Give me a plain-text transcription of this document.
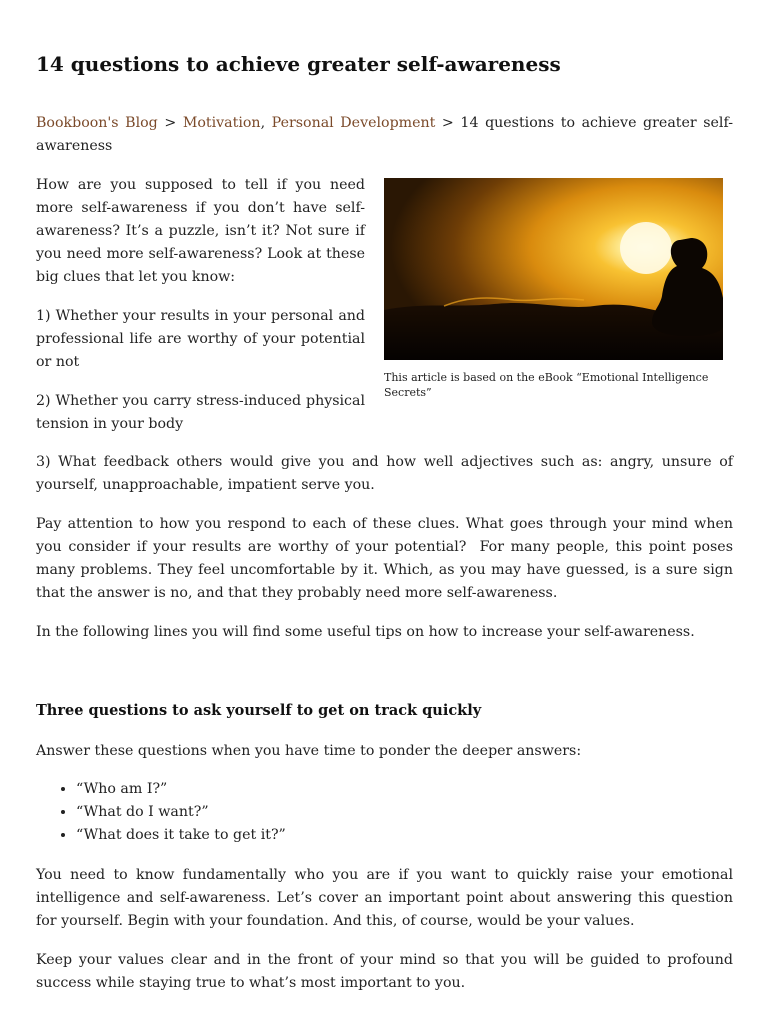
14 questions to achieve greater self-awareness

Bookboon's Blog > Motivation, Personal Development > 14 questions to achieve greater self-awareness

How are you supposed to tell if you need more self-awareness if you don’t have self-awareness? It’s a puzzle, isn’t it? Not sure if you need more self-awareness? Look at these big clues that let you know:

1) Whether your results in your personal and professional life are worthy of your potential or not

2) Whether you carry stress-induced physical tension in your body

This article is based on the eBook “Emotional Intelligence Secrets”

3) What feedback others would give you and how well adjectives such as: angry, unsure of yourself, unapproachable, impatient serve you.

Pay attention to how you respond to each of these clues. What goes through your mind when you consider if your results are worthy of your potential?  For many people, this point poses many problems. They feel uncomfortable by it. Which, as you may have guessed, is a sure sign that the answer is no, and that they probably need more self-awareness.

In the following lines you will find some useful tips on how to increase your self-awareness.

Three questions to ask yourself to get on track quickly

Answer these questions when you have time to ponder the deeper answers:

• “Who am I?”
• “What do I want?”
• “What does it take to get it?”

You need to know fundamentally who you are if you want to quickly raise your emotional intelligence and self-awareness. Let’s cover an important point about answering this question for yourself. Begin with your foundation. And this, of course, would be your values.

Keep your values clear and in the front of your mind so that you will be guided to profound success while staying true to what’s most important to you.
